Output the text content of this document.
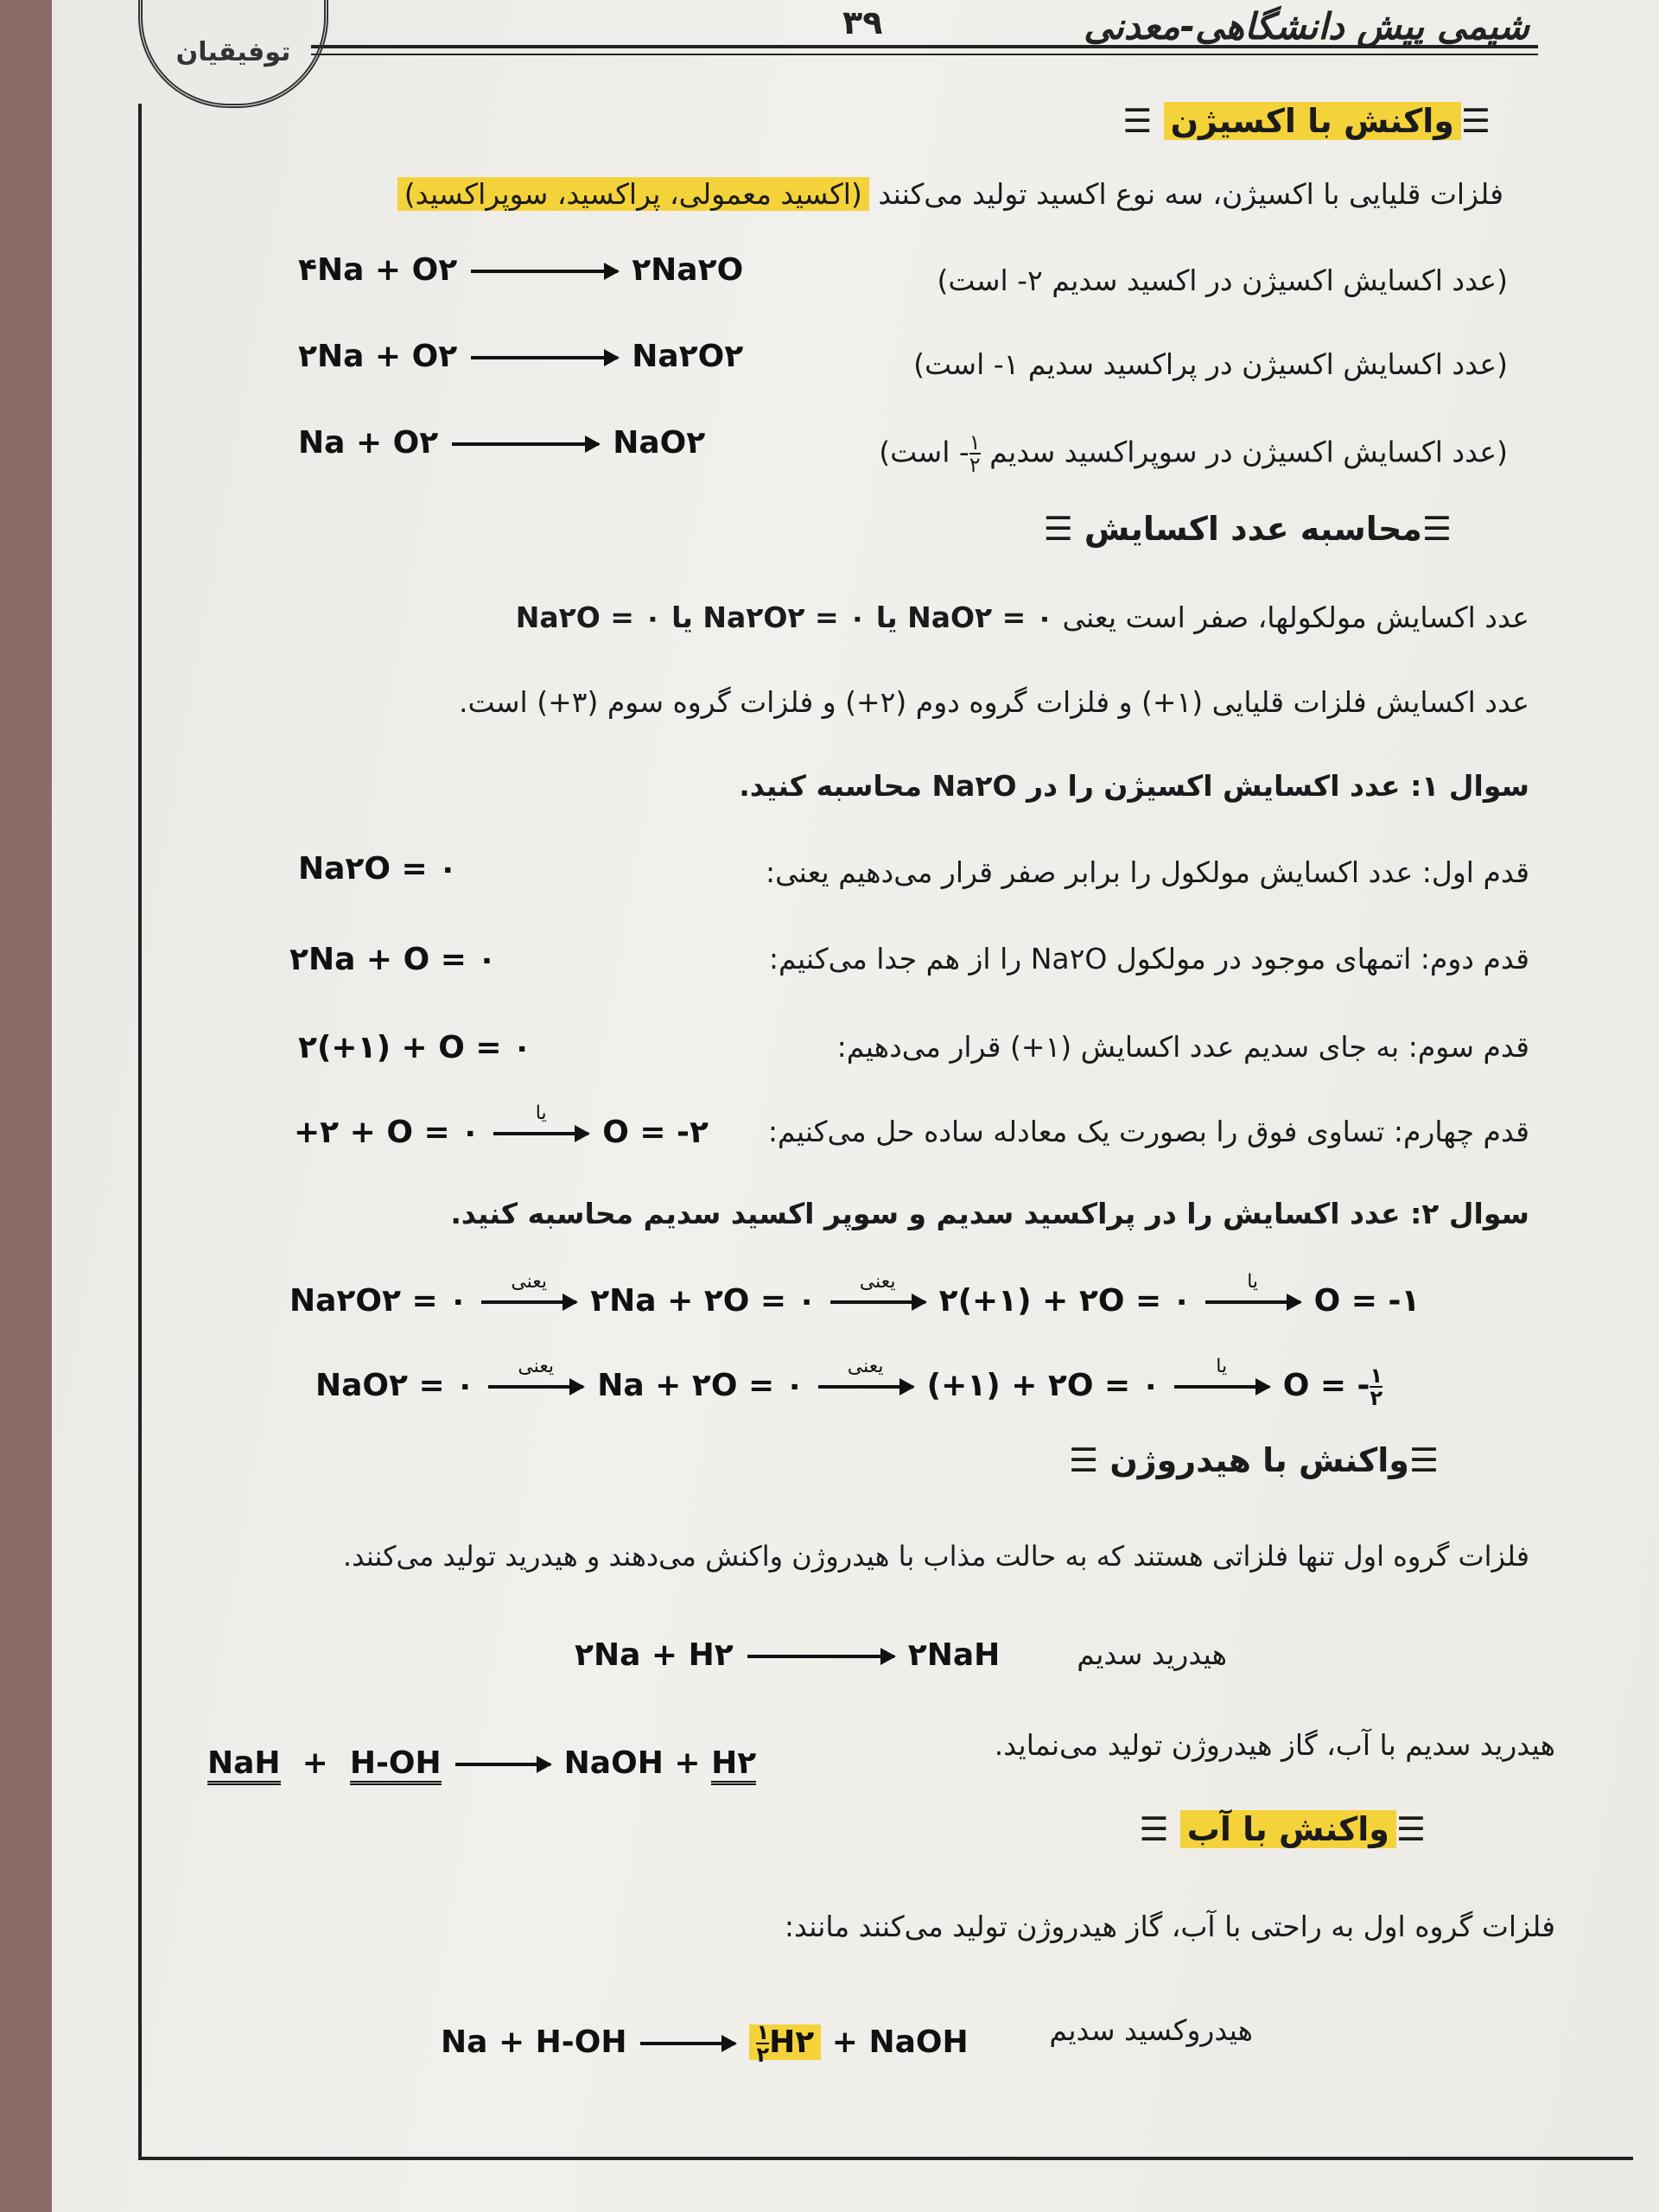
شیمی پیش دانشگاهی-معدنی
۳۹
توفیقیان
☰واکنش با اکسیژن ☰
فلزات قلیایی با اکسیژن، سه نوع اکسید تولید می‌کنند (اکسید معمولی، پراکسید، سوپراکسید)
(عدد اکسایش اکسیژن در اکسید سدیم ۲- است)
۴Na + O۲	۲Na۲O
(عدد اکسایش اکسیژن در پراکسید سدیم ۱- است)
۲Na + O۲	Na۲O۲
(عدد اکسایش اکسیژن در سوپراکسید سدیم
$\frac{۱}{۲}$
- است)
Na + O۲	NaO۲
☰محاسبه عدد اکسایش ☰
عدد اکسایش مولکولها، صفر است یعنی NaO۲ = ۰ یا Na۲O۲ = ۰ یا Na۲O = ۰
عدد اکسایش فلزات قلیایی (۱+) و فلزات گروه دوم (۲+) و فلزات گروه سوم (۳+) است.
سوال ۱: عدد اکسایش اکسیژن را در Na۲O محاسبه کنید.
قدم اول: عدد اکسایش مولکول را برابر صفر قرار می‌دهیم یعنی:
Na۲O = ۰
قدم دوم: اتمهای موجود در مولکول Na۲O را از هم جدا می‌کنیم:
۲Na + O = ۰
قدم سوم: به جای سدیم عدد اکسایش (۱+) قرار می‌دهیم:
۲(+۱) + O = ۰
قدم چهارم: تساوی فوق را بصورت یک معادله ساده حل می‌کنیم:
+۲ + O = ۰
یا
O = -۲
سوال ۲: عدد اکسایش را در پراکسید سدیم و سوپر اکسید سدیم محاسبه کنید.
Na۲O۲ = ۰
یعنی
۲Na + ۲O = ۰
یعنی
۲(+۱) + ۲O = ۰
یا
O = -۱
NaO۲ = ۰
یعنی
Na + ۲O = ۰
یعنی
(+۱) + ۲O = ۰
یا
O = - $\frac{۱}{۲}$
☰واکنش با هیدروژن ☰
فلزات گروه اول تنها فلزاتی هستند که به حالت مذاب با هیدروژن واکنش می‌دهند و هیدرید تولید می‌کنند.
۲Na + H۲	۲NaH	هیدرید سدیم
هیدرید سدیم با آب، گاز هیدروژن تولید می‌نماید.
NaH  +  H-OH	NaOH + H۲
☰واکنش با آب ☰
فلزات گروه اول به راحتی با آب، گاز هیدروژن تولید می‌کنند مانند:
Na + H-OH	$\frac{۱}{۲}$ H۲ + NaOH	هیدروکسید سدیم
